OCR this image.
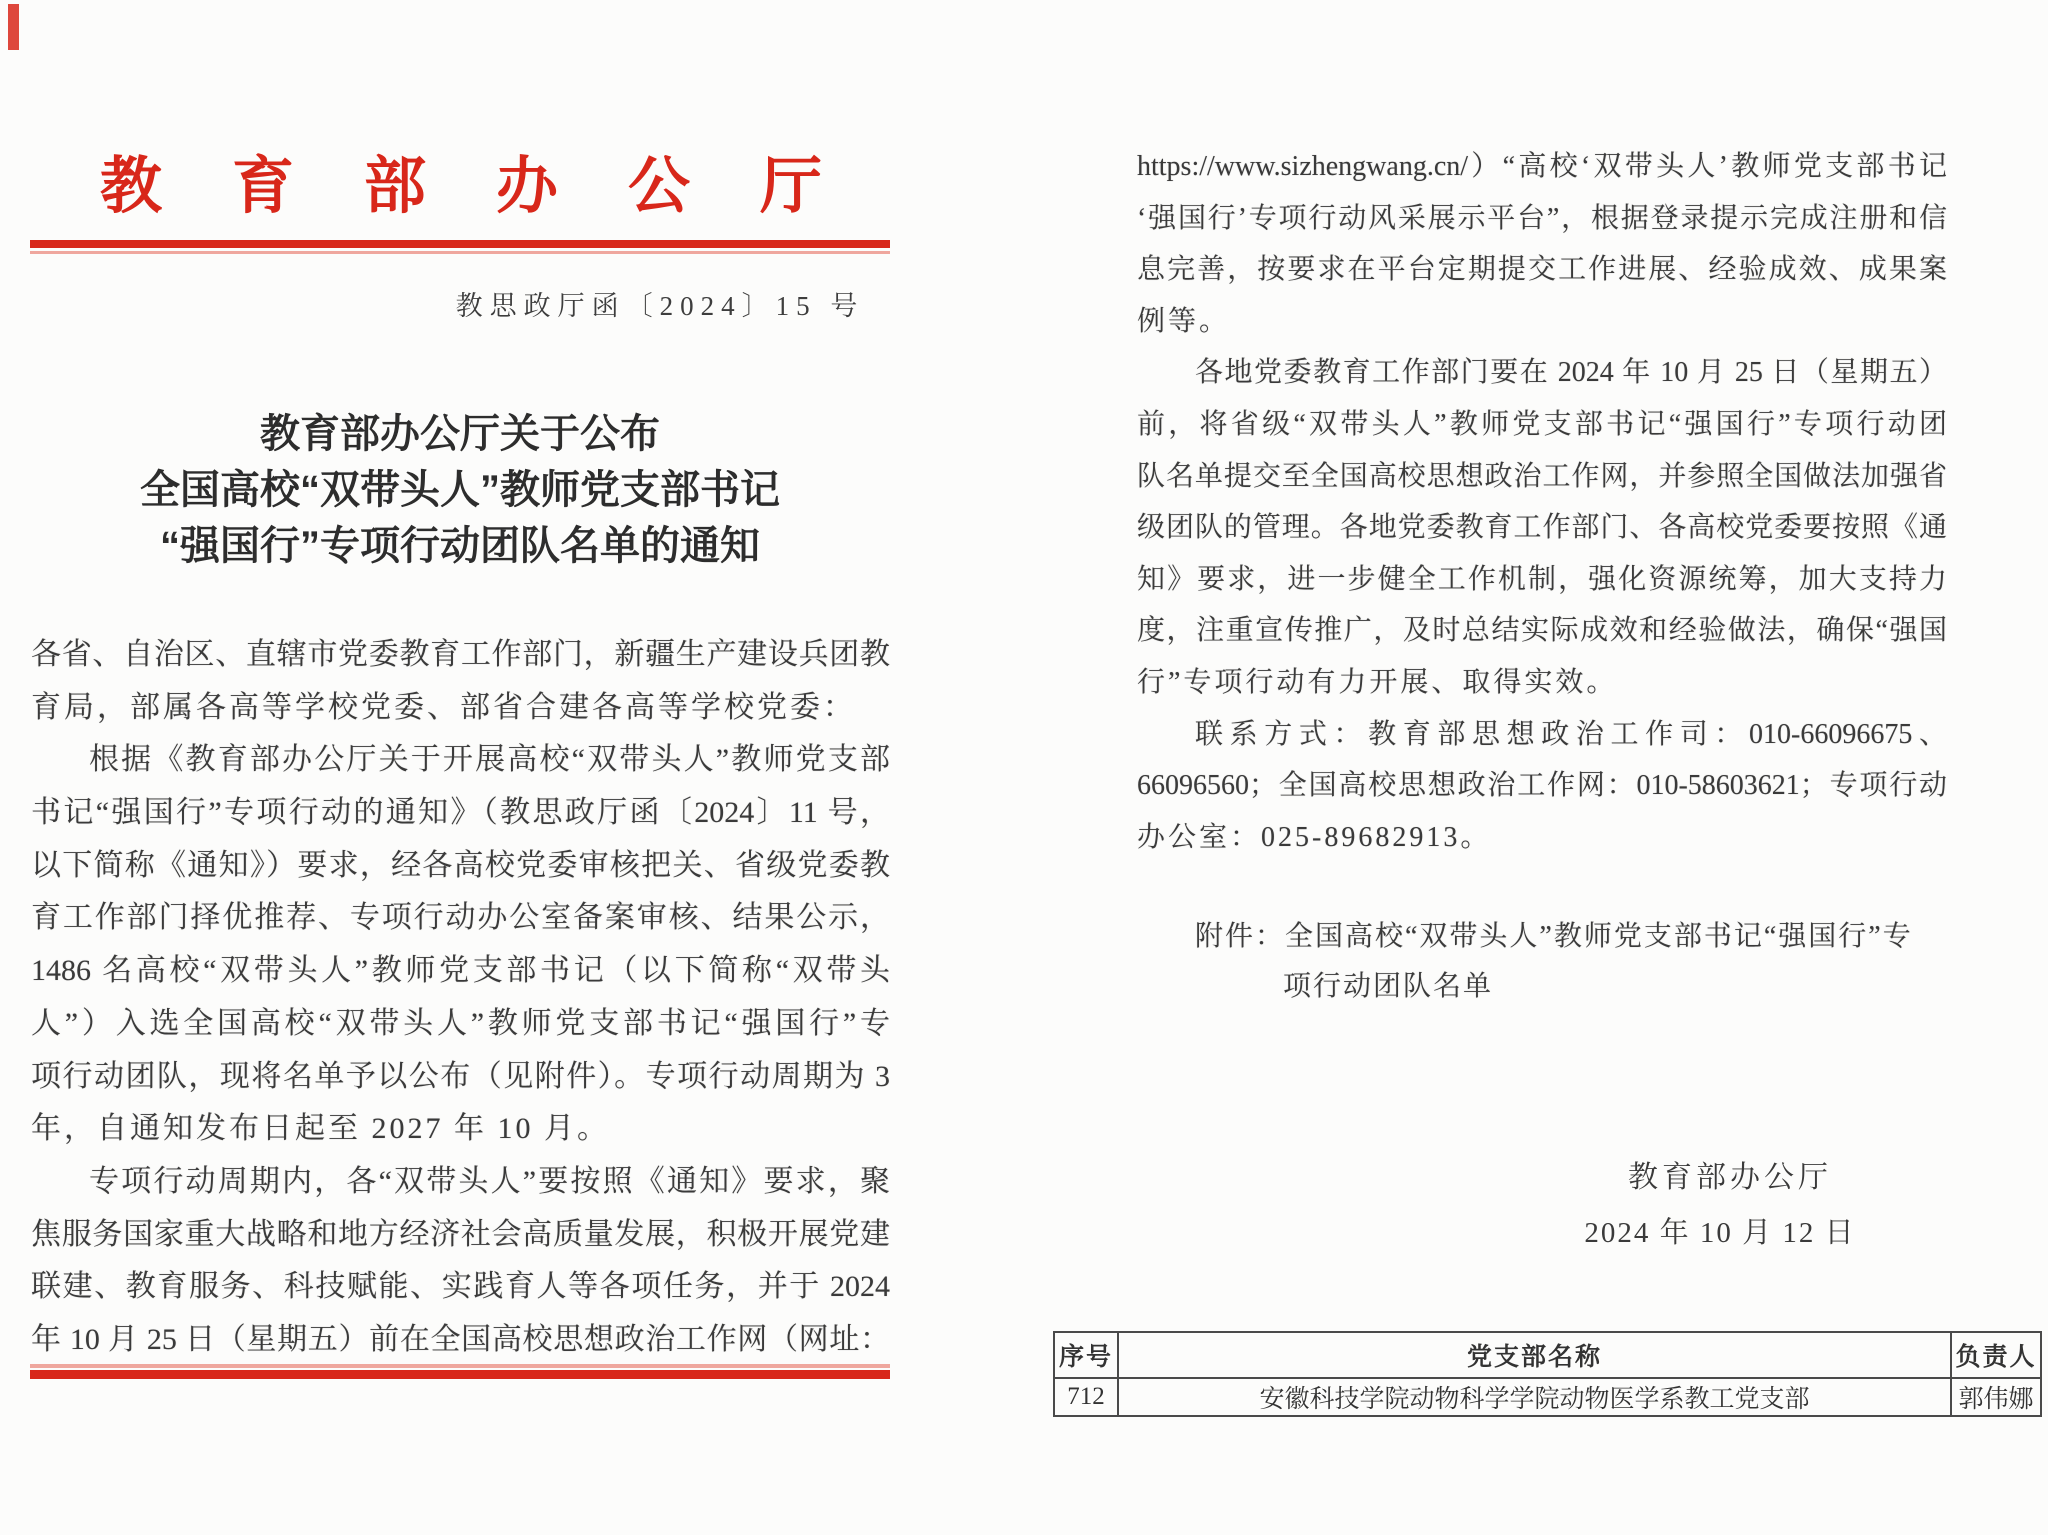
教育部办公厅
教思政厅函〔2024〕15 号
教育部办公厅关于公布
全国高校“双带头人”教师党支部书记
“强国行”专项行动团队名单的通知
各省、自治区、直辖市党委教育工作部门，新疆生产建设兵团教
育局，部属各高等学校党委、部省合建各高等学校党委：
根据《教育部办公厅关于开展高校“双带头人”教师党支部
书记“强国行”专项行动的通知》（教思政厅函〔2024〕11 号，
以下简称《通知》）要求，经各高校党委审核把关、省级党委教
育工作部门择优推荐、专项行动办公室备案审核、结果公示，
1486 名高校“双带头人”教师党支部书记（以下简称“双带头
人”）入选全国高校“双带头人”教师党支部书记“强国行”专
项行动团队，现将名单予以公布（见附件）。专项行动周期为 3
年，自通知发布日起至 2027 年 10 月。
专项行动周期内，各“双带头人”要按照《通知》要求，聚
焦服务国家重大战略和地方经济社会高质量发展，积极开展党建
联建、教育服务、科技赋能、实践育人等各项任务，并于 2024
年 10 月 25 日（星期五）前在全国高校思想政治工作网（网址：
https://www.sizhengwang.cn/）“高校‘双带头人’教师党支部书记
‘强国行’专项行动风采展示平台”，根据登录提示完成注册和信
息完善，按要求在平台定期提交工作进展、经验成效、成果案
例等。
各地党委教育工作部门要在 2024 年 10 月 25 日（星期五）
前，将省级“双带头人”教师党支部书记“强国行”专项行动团
队名单提交至全国高校思想政治工作网，并参照全国做法加强省
级团队的管理。各地党委教育工作部门、各高校党委要按照《通
知》要求，进一步健全工作机制，强化资源统筹，加大支持力
度，注重宣传推广，及时总结实际成效和经验做法，确保“强国
行”专项行动有力开展、取得实效。
联系方式：教育部思想政治工作司：010-66096675、
66096560；全国高校思想政治工作网：010-58603621；专项行动
办公室：025-89682913。
附件：全国高校“双带头人”教师党支部书记“强国行”专
项行动团队名单
教育部办公厅
2024 年 10 月 12 日
序号	党支部名称	负责人
712	安徽科技学院动物科学学院动物医学系教工党支部	郭伟娜
